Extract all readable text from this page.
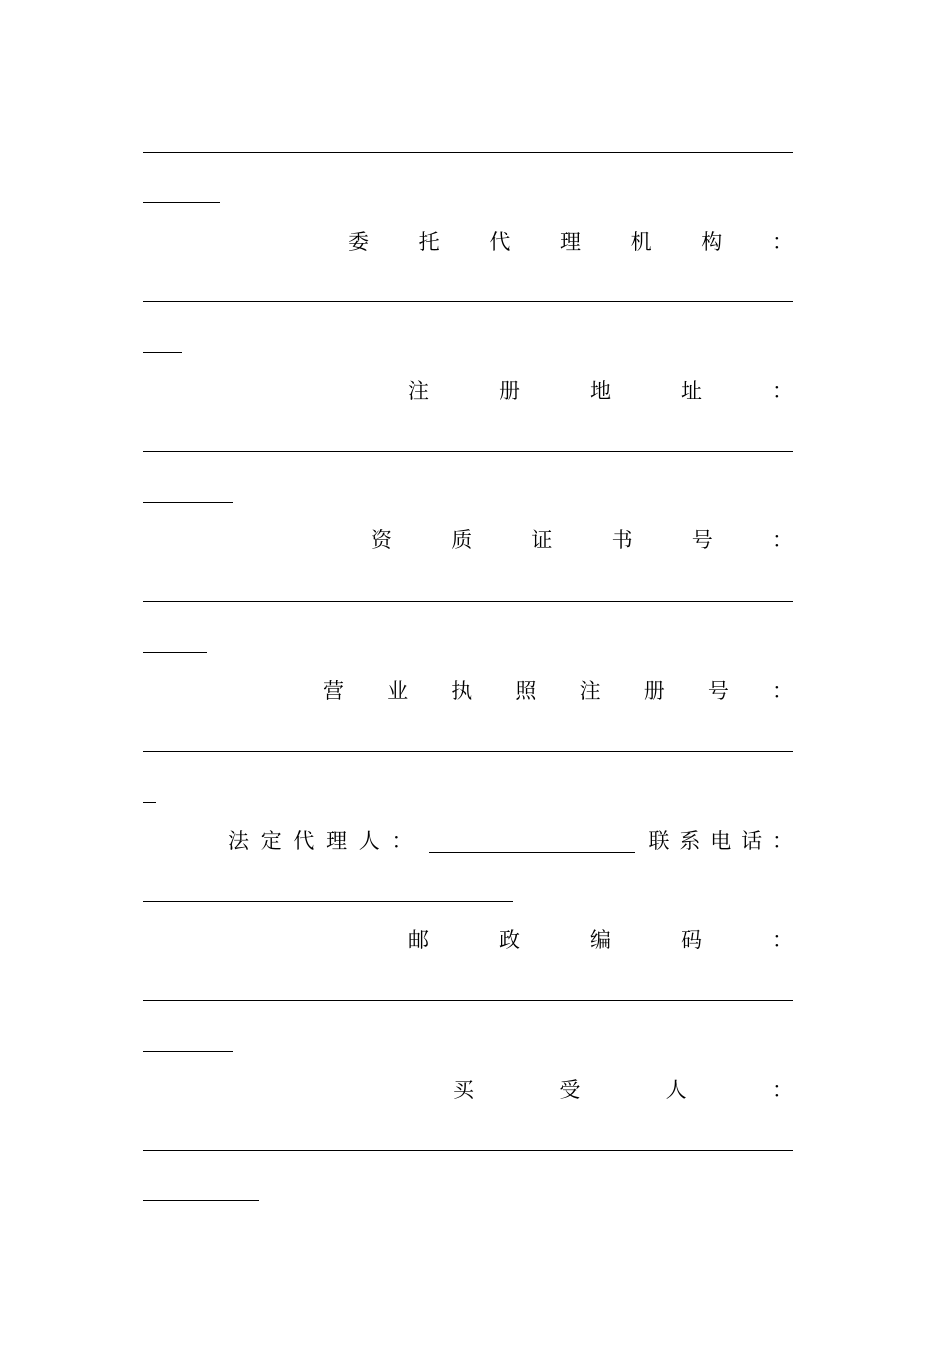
委 托 代 理 机 构 ：
注	册	地	址	：
资	质	证	书	号	：
营 业 执 照 注 册 号 ：
法 定 代 理 人 ：	联 系 电 话 ：
邮	政	编	码	：
买	受	人	：
